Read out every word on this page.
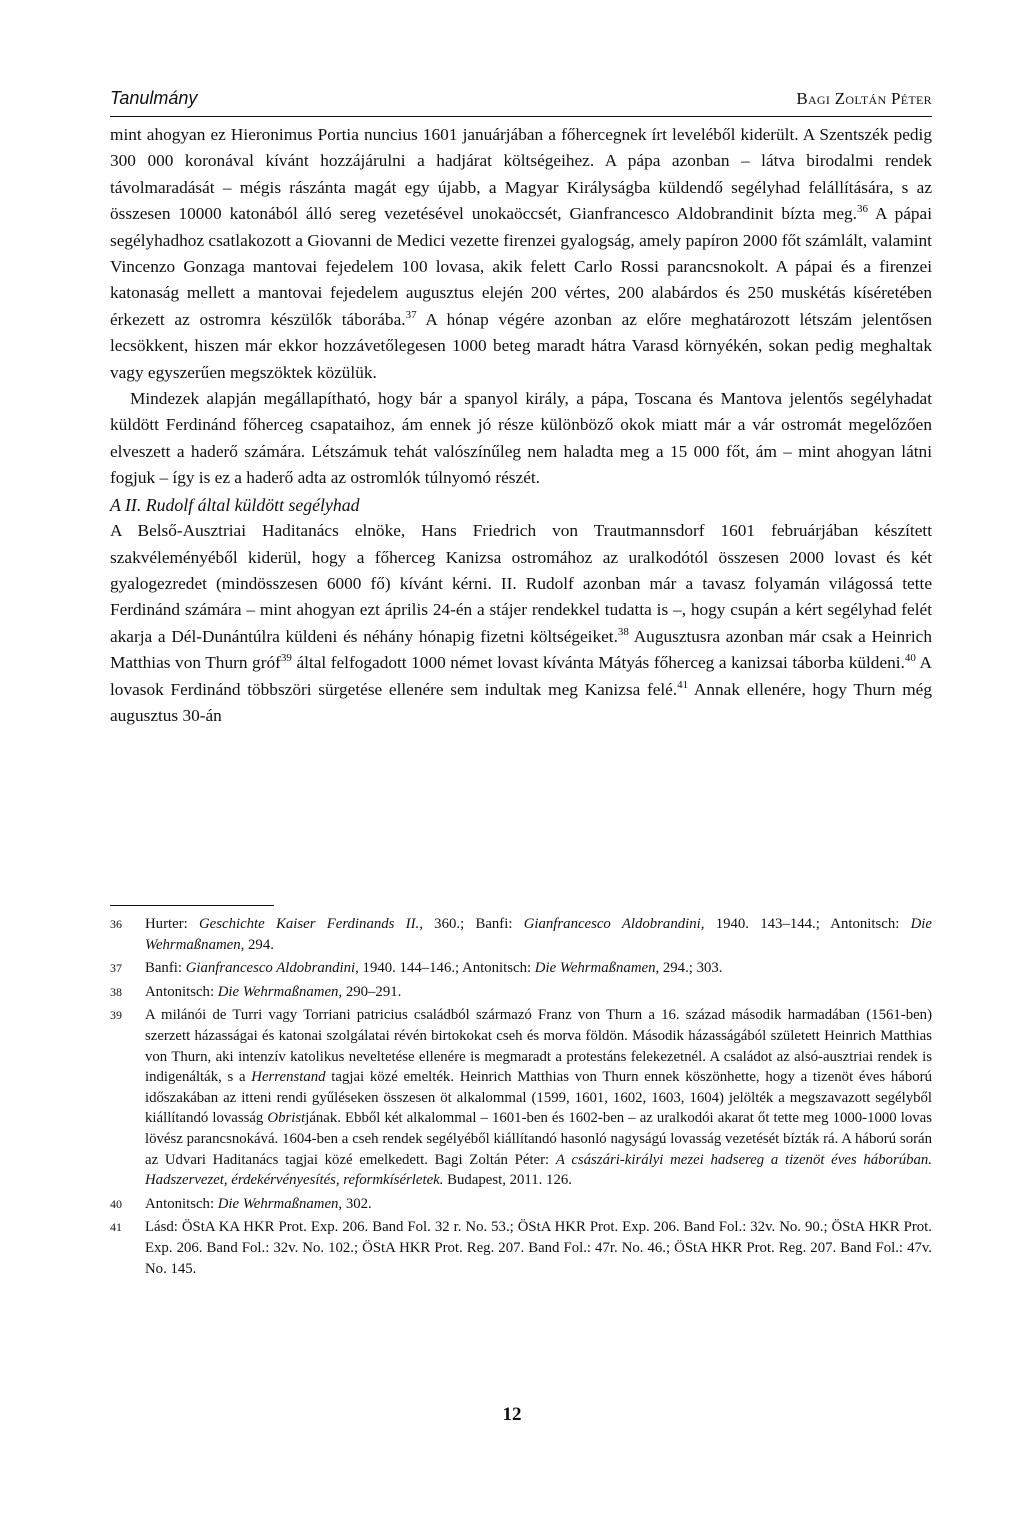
Tanulmány	Bagi Zoltán Péter

mint ahogyan ez Hieronimus Portia nuncius 1601 januárjában a főhercegnek írt leveléből kiderült. A Szentszék pedig 300 000 koronával kívánt hozzájárulni a hadjárat költségeihez. A pápa azonban – látva birodalmi rendek távolmaradását – mégis rászánta magát egy újabb, a Magyar Királyságba küldendő segélyhad felállítására, s az összesen 10000 katonából álló sereg vezetésével unokaöccsét, Gianfrancesco Aldobrandinit bízta meg.$^{36}$ A pápai segélyhadhoz csatlakozott a Giovanni de Medici vezette firenzei gyalogság, amely papíron 2000 főt számlált, valamint Vincenzo Gonzaga mantovai fejedelem 100 lovasa, akik felett Carlo Rossi parancsnokolt. A pápai és a firenzei katonaság mellett a mantovai fejedelem augusztus elején 200 vértes, 200 alabárdos és 250 muskétás kíséretében érkezett az ostromra készülők táborába.$^{37}$ A hónap végére azonban az előre meghatározott létszám jelentősen lecsökkent, hiszen már ekkor hozzávetőlegesen 1000 beteg maradt hátra Varasd környékén, sokan pedig meghaltak vagy egyszerűen megszöktek közülük.

Mindezek alapján megállapítható, hogy bár a spanyol király, a pápa, Toscana és Mantova jelentős segélyhadat küldött Ferdinánd főherceg csapataihoz, ám ennek jó része különböző okok miatt már a vár ostromát megelőzően elveszett a haderő számára. Létszámuk tehát valószínűleg nem haladta meg a 15 000 főt, ám – mint ahogyan látni fogjuk – így is ez a haderő adta az ostromlók túlnyomó részét.

A II. Rudolf által küldött segélyhad

A Belső-Ausztriai Haditanács elnöke, Hans Friedrich von Trautmannsdorf 1601 februárjában készített szakvéleményéből kiderül, hogy a főherceg Kanizsa ostromához az uralkodótól összesen 2000 lovast és két gyalogezredet (mindösszesen 6000 fő) kívánt kérni. II. Rudolf azonban már a tavasz folyamán világossá tette Ferdinánd számára – mint ahogyan ezt április 24-én a stájer rendekkel tudatta is –, hogy csupán a kért segélyhad felét akarja a Dél-Dunántúlra küldeni és néhány hónapig fizetni költségeiket.$^{38}$ Augusztusra azonban már csak a Heinrich Matthias von Thurn gróf$^{39}$ által felfogadott 1000 német lovast kívánta Mátyás főherceg a kanizsai táborba küldeni.$^{40}$ A lovasok Ferdinánd többszöri sürgetése ellenére sem indultak meg Kanizsa felé.$^{41}$ Annak ellenére, hogy Thurn még augusztus 30-án

36 Hurter: Geschichte Kaiser Ferdinands II., 360.; Banfi: Gianfrancesco Aldobrandini, 1940. 143–144.; Antonitsch: Die Wehrmaßnamen, 294.
37 Banfi: Gianfrancesco Aldobrandini, 1940. 144–146.; Antonitsch: Die Wehrmaßnamen, 294.; 303.
38 Antonitsch: Die Wehrmaßnamen, 290–291.
39 A milánói de Turri vagy Torriani patricius családból származó Franz von Thurn a 16. század második harmadában (1561-ben) szerzett házasságai és katonai szolgálatai révén birtokokat cseh és morva földön. Második házasságából született Heinrich Matthias von Thurn, aki intenzív katolikus neveltetése ellenére is megmaradt a protestáns felekezetnél. A családot az alsó-ausztriai rendek is indigenálták, s a Herrenstand tagjai közé emelték. Heinrich Matthias von Thurn ennek köszönhette, hogy a tizenöt éves háború időszakában az itteni rendi gyűléseken összesen öt alkalommal (1599, 1601, 1602, 1603, 1604) jelölték a megszavazott segélyből kiállítandó lovasság Obristjának. Ebből két alkalommal – 1601-ben és 1602-ben – az uralkodói akarat őt tette meg 1000-1000 lovas lövész parancsnokává. 1604-ben a cseh rendek segélyéből kiállítandó hasonló nagyságú lovasság vezetését bízták rá. A háború során az Udvari Haditanács tagjai közé emelkedett. Bagi Zoltán Péter: A császári-királyi mezei hadsereg a tizenöt éves háborúban. Hadszervezet, érdekérvényesítés, reformkísérletek. Budapest, 2011. 126.
40 Antonitsch: Die Wehrmaßnamen, 302.
41 Lásd: ÖStA KA HKR Prot. Exp. 206. Band Fol. 32 r. No. 53.; ÖStA HKR Prot. Exp. 206. Band Fol.: 32v. No. 90.; ÖStA HKR Prot. Exp. 206. Band Fol.: 32v. No. 102.; ÖStA HKR Prot. Reg. 207. Band Fol.: 47r. No. 46.; ÖStA HKR Prot. Reg. 207. Band Fol.: 47v. No. 145.
12
